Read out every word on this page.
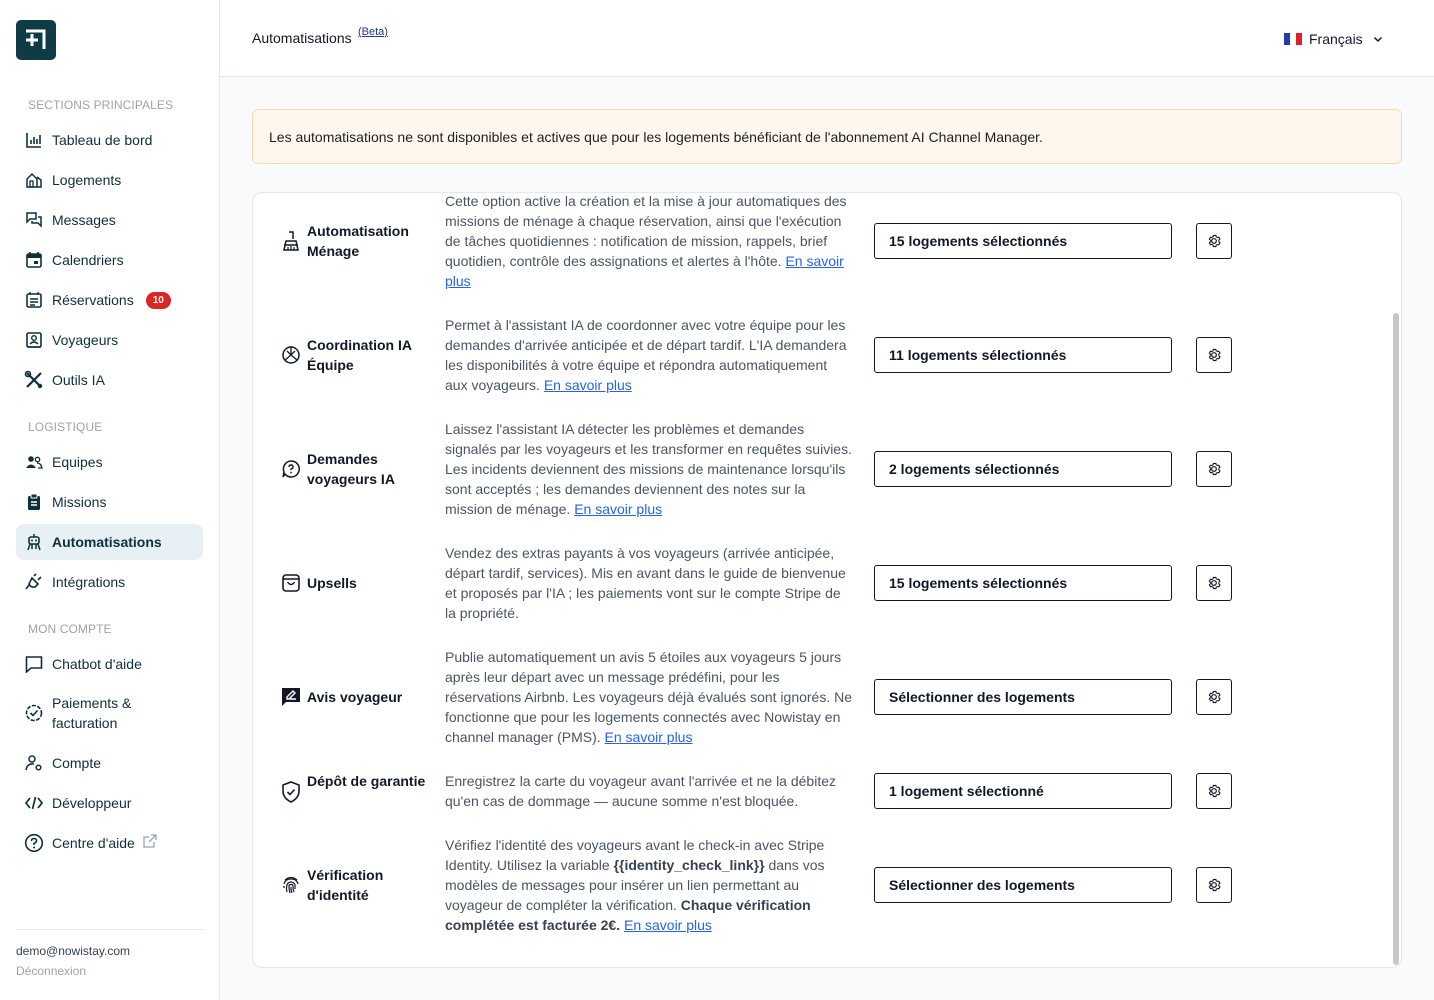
SECTIONS PRINCIPALES
Tableau de bord
Logements
Messages
Calendriers
Réservations	10
Voyageurs
Outils IA
LOGISTIQUE
Equipes
Missions
Automatisations
Intégrations
MON COMPTE
Chatbot d'aide
Paiements & facturation
Compte
Développeur
Centre d'aide
demo@nowistay.com
Déconnexion
Automatisations (Beta)	Français
Les automatisations ne sont disponibles et actives que pour les logements bénéficiant de l'abonnement AI Channel Manager.
Automatisation Ménage
Cette option active la création et la mise à jour automatiques des missions de ménage à chaque réservation, ainsi que l'exécution de tâches quotidiennes : notification de mission, rappels, brief quotidien, contrôle des assignations et alertes à l'hôte. En savoir plus
15 logements sélectionnés
Coordination IA Équipe
Permet à l'assistant IA de coordonner avec votre équipe pour les demandes d'arrivée anticipée et de départ tardif. L'IA demandera les disponibilités à votre équipe et répondra automatiquement aux voyageurs. En savoir plus
11 logements sélectionnés
Demandes voyageurs IA
Laissez l'assistant IA détecter les problèmes et demandes signalés par les voyageurs et les transformer en requêtes suivies. Les incidents deviennent des missions de maintenance lorsqu'ils sont acceptés ; les demandes deviennent des notes sur la mission de ménage. En savoir plus
2 logements sélectionnés
Upsells
Vendez des extras payants à vos voyageurs (arrivée anticipée, départ tardif, services). Mis en avant dans le guide de bienvenue et proposés par l'IA ; les paiements vont sur le compte Stripe de la propriété.
15 logements sélectionnés
Avis voyageur
Publie automatiquement un avis 5 étoiles aux voyageurs 5 jours après leur départ avec un message prédéfini, pour les réservations Airbnb. Les voyageurs déjà évalués sont ignorés. Ne fonctionne que pour les logements connectés avec Nowistay en channel manager (PMS). En savoir plus
Sélectionner des logements
Dépôt de garantie Enregistrez la carte du voyageur avant l'arrivée et ne la débitez qu'en cas de dommage — aucune somme n'est bloquée.
1 logement sélectionné
Vérification d'identité
Vérifiez l'identité des voyageurs avant le check-in avec Stripe Identity. Utilisez la variable {{identity_check_link}} dans vos modèles de messages pour insérer un lien permettant au voyageur de compléter la vérification. Chaque vérification complétée est facturée 2€. En savoir plus
Sélectionner des logements
